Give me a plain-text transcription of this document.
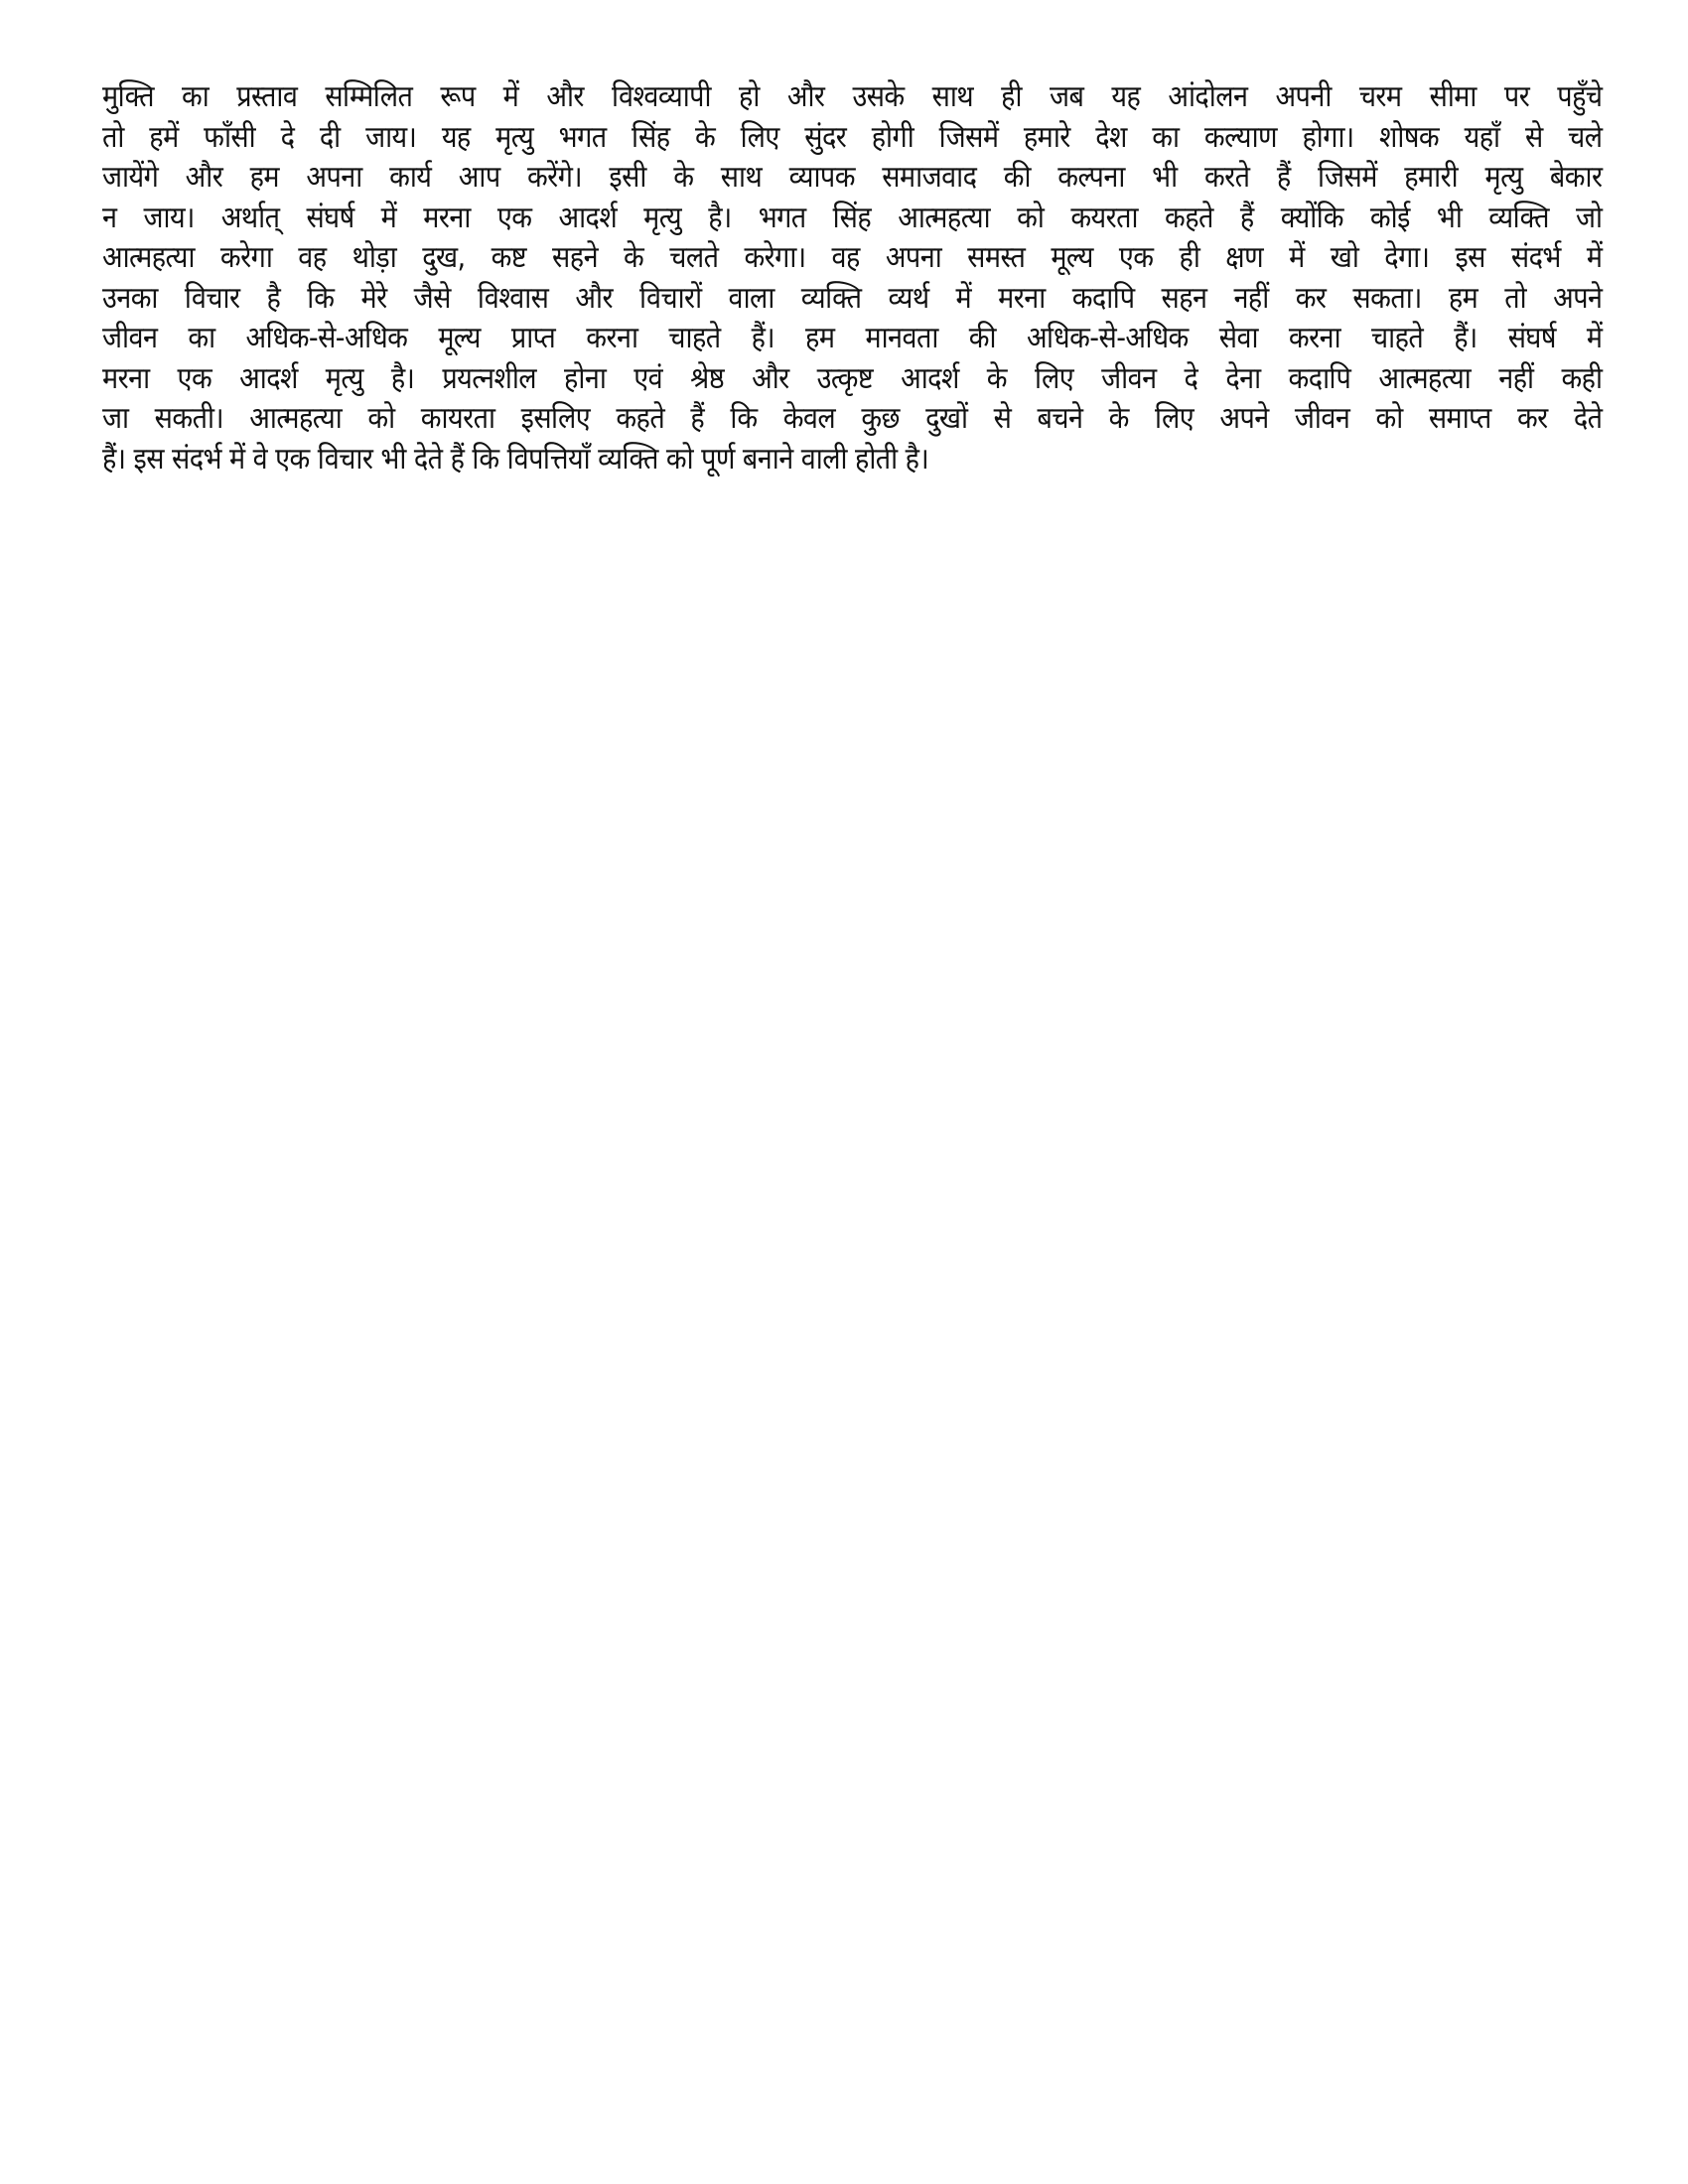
मुक्ति का प्रस्ताव सम्मिलित रूप में और विश्वव्यापी हो और उसके साथ ही जब यह आंदोलन अपनी चरम सीमा पर पहुँचे
तो हमें फाँसी दे दी जाय। यह मृत्यु भगत सिंह के लिए सुंदर होगी जिसमें हमारे देश का कल्याण होगा। शोषक यहाँ से चले
जायेंगे और हम अपना कार्य आप करेंगे। इसी के साथ व्यापक समाजवाद की कल्पना भी करते हैं जिसमें हमारी मृत्यु बेकार
न जाय। अर्थात् संघर्ष में मरना एक आदर्श मृत्यु है। भगत सिंह आत्महत्या को कयरता कहते हैं क्योंकि कोई भी व्यक्ति जो
आत्महत्या करेगा वह थोड़ा दुख, कष्ट सहने के चलते करेगा। वह अपना समस्त मूल्य एक ही क्षण में खो देगा। इस संदर्भ में
उनका विचार है कि मेरे जैसे विश्वास और विचारों वाला व्यक्ति व्यर्थ में मरना कदापि सहन नहीं कर सकता। हम तो अपने
जीवन का अधिक-से-अधिक मूल्य प्राप्त करना चाहते हैं। हम मानवता की अधिक-से-अधिक सेवा करना चाहते हैं। संघर्ष में
मरना एक आदर्श मृत्यु है। प्रयत्नशील होना एवं श्रेष्ठ और उत्कृष्ट आदर्श के लिए जीवन दे देना कदापि आत्महत्या नहीं कही
जा सकती। आत्महत्या को कायरता इसलिए कहते हैं कि केवल कुछ दुखों से बचने के लिए अपने जीवन को समाप्त कर देते
हैं। इस संदर्भ में वे एक विचार भी देते हैं कि विपत्तियाँ व्यक्ति को पूर्ण बनाने वाली होती है।
